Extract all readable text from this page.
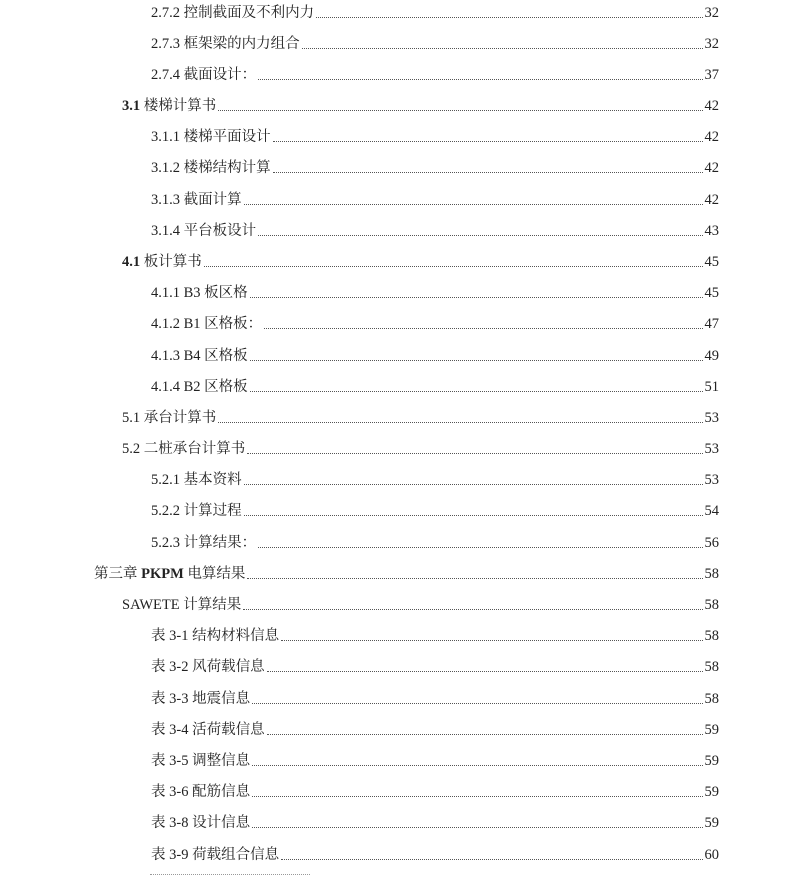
2.7.2 控制截面及不利内力	32
2.7.3 框架梁的内力组合	32
2.7.4 截面设计：	37
3.1 楼梯计算书	42
3.1.1 楼梯平面设计	42
3.1.2 楼梯结构计算	42
3.1.3 截面计算	42
3.1.4 平台板设计	43
4.1 板计算书	45
4.1.1 B3 板区格	45
4.1.2 B1 区格板：	47
4.1.3 B4 区格板	49
4.1.4 B2 区格板	51
5.1 承台计算书	53
5.2 二桩承台计算书	53
5.2.1 基本资料	53
5.2.2 计算过程	54
5.2.3 计算结果：	56
第三章 PKPM 电算结果	58
SAWETE 计算结果	58
表 3-1 结构材料信息	58
表 3-2 风荷载信息	58
表 3-3 地震信息	58
表 3-4 活荷载信息	59
表 3-5 调整信息	59
表 3-6 配筋信息	59
表 3-8 设计信息	59
表 3-9 荷载组合信息	60
